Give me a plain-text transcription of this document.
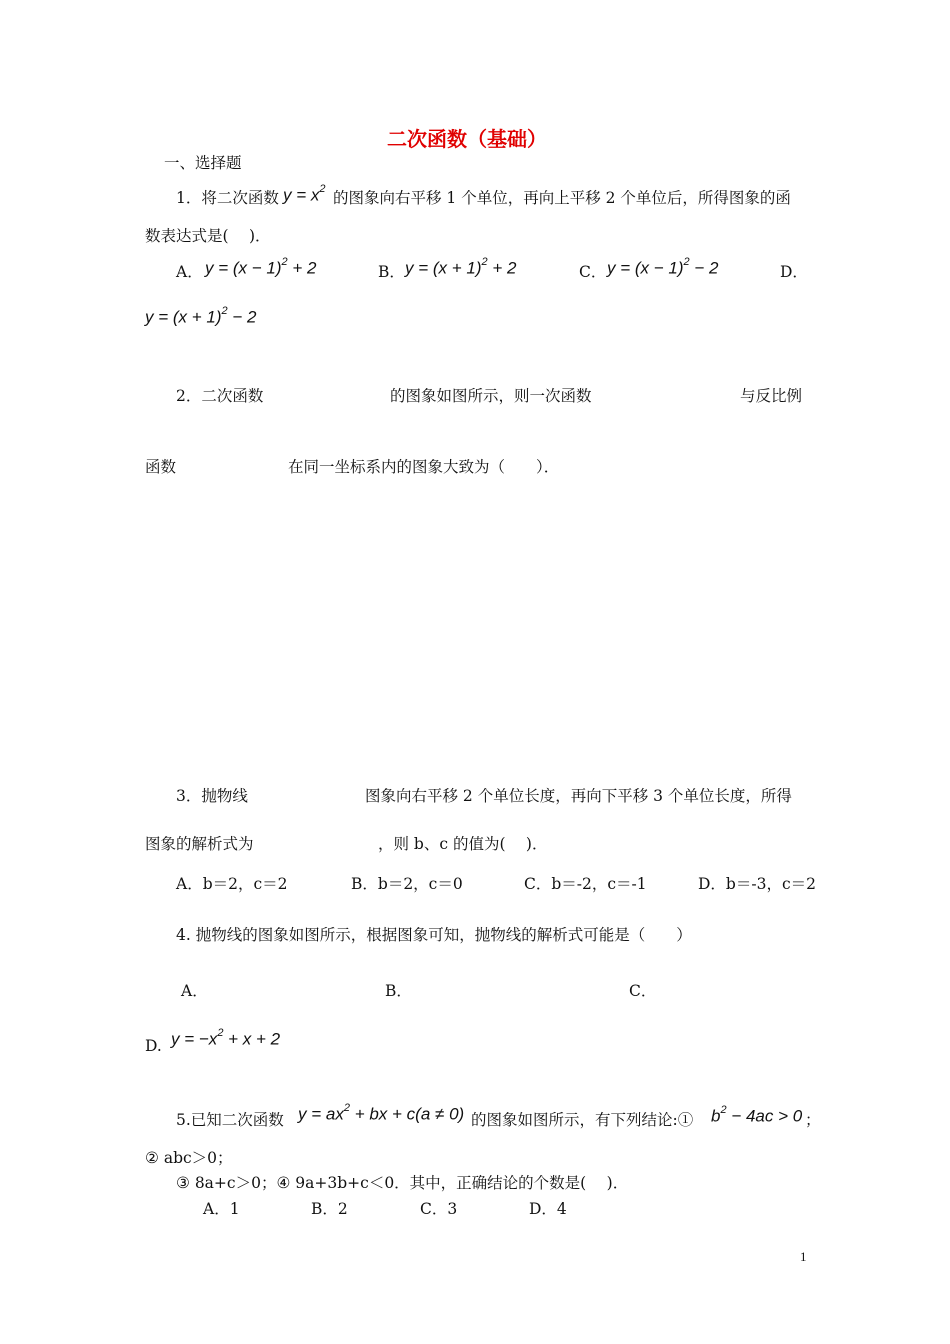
二次函数（基础）
一、选择题
1．将二次函数 $y = x^2$ 的图象向右平移 1 个单位，再向上平移 2 个单位后，所得图象的函
数表达式是(　 )．
A． $y = (x - 1)^2 + 2$	B． $y = (x + 1)^2 + 2$	C． $y = (x - 1)^2 - 2$	D．
$y = (x + 1)^2 - 2$
2．二次函数	的图象如图所示，则一次函数	与反比例
函数	在同一坐标系内的图象大致为（　　）．
3．抛物线	图象向右平移 2 个单位长度，再向下平移 3 个单位长度，所得
图象的解析式为	，则 b、c 的值为(　 )．
A．b＝2，c＝2	B．b＝2，c＝0	C．b＝-2，c＝-1	D．b＝-3，c＝2
4. 抛物线的图象如图所示，根据图象可知，抛物线的解析式可能是（　　）
A．	B．	C．
D. $y = -x^2 + x + 2$
5.已知二次函数 $y = ax^2$ + bx + c(a ≠ 0) 的图象如图所示，有下列结论:① $b^2 - 4ac > 0$ ；
② abc＞0；
③ 8a+c＞0；④ 9a+3b+c＜0．其中，正确结论的个数是(　 )．
A．1	B．2	C．3	D．4
1
